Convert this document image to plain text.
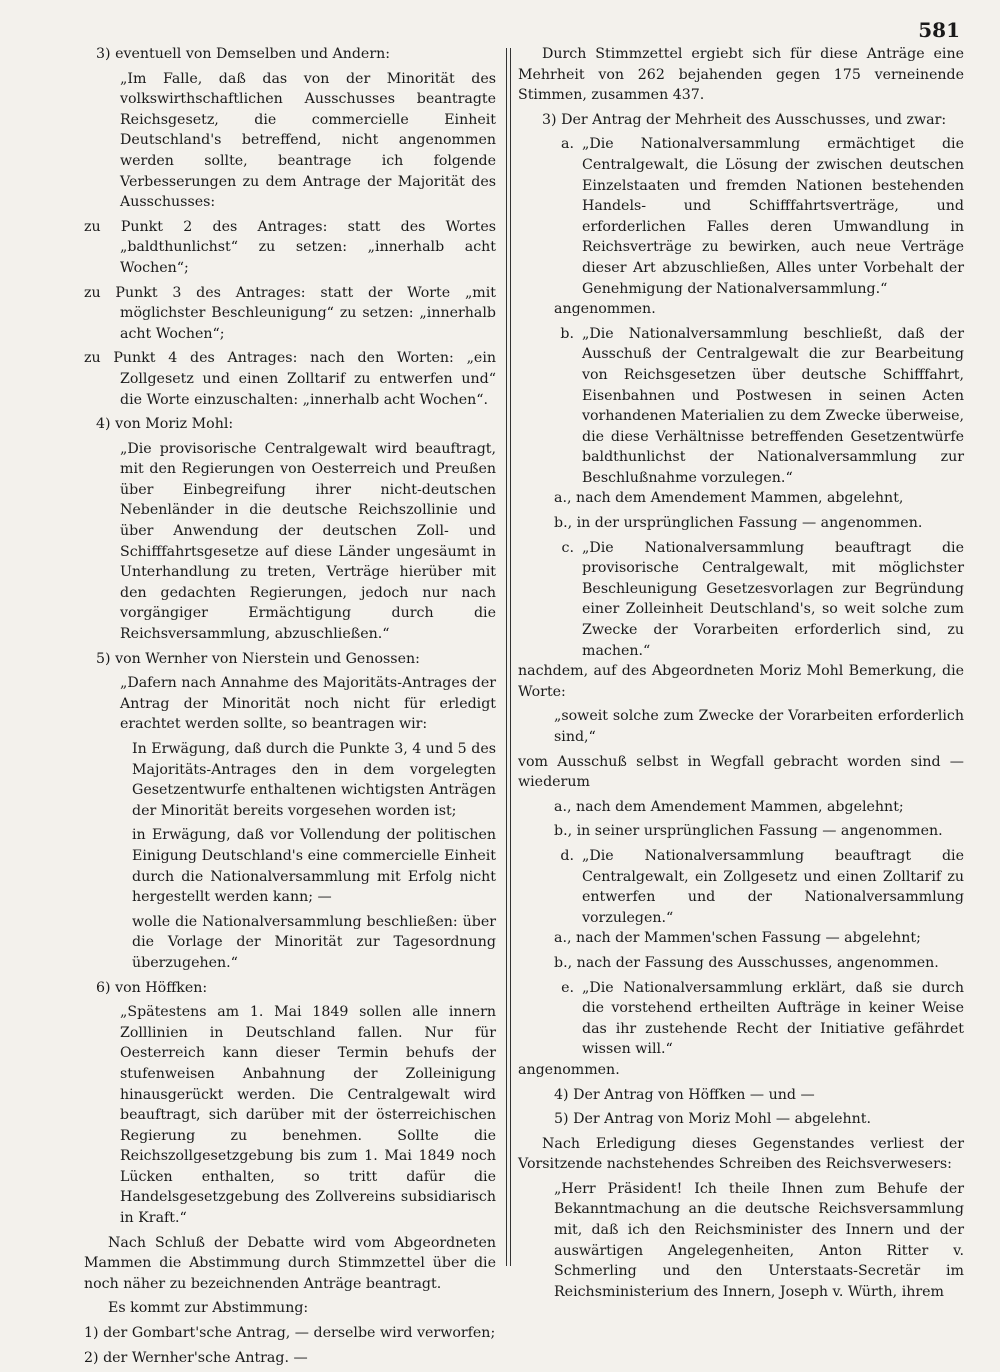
581

3) eventuell von Demselben und Andern:

„Im Falle, daß das von der Minorität des volkswirthschaftlichen Ausschusses beantragte Reichsgesetz, die commercielle Einheit Deutschland's betreffend, nicht angenommen werden sollte, beantrage ich folgende Verbesserungen zu dem Antrage der Majorität des Ausschusses:

zu Punkt 2 des Antrages: statt des Wortes „baldthunlichst“ zu setzen: „innerhalb acht Wochen“;

zu Punkt 3 des Antrages: statt der Worte „mit möglichster Beschleunigung“ zu setzen: „innerhalb acht Wochen“;

zu Punkt 4 des Antrages: nach den Worten: „ein Zollgesetz und einen Zolltarif zu entwerfen und“ die Worte einzuschalten: „innerhalb acht Wochen“.

4) von Moriz Mohl:

„Die provisorische Centralgewalt wird beauftragt, mit den Regierungen von Oesterreich und Preußen über Einbegreifung ihrer nicht-deutschen Nebenländer in die deutsche Reichszollinie und über Anwendung der deutschen Zoll- und Schifffahrtsgesetze auf diese Länder ungesäumt in Unterhandlung zu treten, Verträge hierüber mit den gedachten Regierungen, jedoch nur nach vorgängiger Ermächtigung durch die Reichsversammlung, abzuschließen.“

5) von Wernher von Nierstein und Genossen:

„Dafern nach Annahme des Majoritäts-Antrages der Antrag der Minorität noch nicht für erledigt erachtet werden sollte, so beantragen wir:

In Erwägung, daß durch die Punkte 3, 4 und 5 des Majoritäts-Antrages den in dem vorgelegten Gesetzentwurfe enthaltenen wichtigsten Anträgen der Minorität bereits vorgesehen worden ist;

in Erwägung, daß vor Vollendung der politischen Einigung Deutschland's eine commercielle Einheit durch die Nationalversammlung mit Erfolg nicht hergestellt werden kann; —

wolle die Nationalversammlung beschließen: über die Vorlage der Minorität zur Tagesordnung überzugehen.“

6) von Höffken:

„Spätestens am 1. Mai 1849 sollen alle innern Zolllinien in Deutschland fallen. Nur für Oesterreich kann dieser Termin behufs der stufenweisen Anbahnung der Zolleinigung hinausgerückt werden. Die Centralgewalt wird beauftragt, sich darüber mit der österreichischen Regierung zu benehmen. Sollte die Reichszollgesetzgebung bis zum 1. Mai 1849 noch Lücken enthalten, so tritt dafür die Handelsgesetzgebung des Zollvereins subsidiarisch in Kraft.“

Nach Schluß der Debatte wird vom Abgeordneten Mammen die Abstimmung durch Stimmzettel über die noch näher zu bezeichnenden Anträge beantragt.

Es kommt zur Abstimmung:

1) der Gombart'sche Antrag, — derselbe wird verworfen;

2) der Wernher'sche Antrag. —

Durch Stimmzettel ergiebt sich für diese Anträge eine Mehrheit von 262 bejahenden gegen 175 verneinende Stimmen, zusammen 437.

3) Der Antrag der Mehrheit des Ausschusses, und zwar:

a. „Die Nationalversammlung ermächtiget die Centralgewalt, die Lösung der zwischen deutschen Einzelstaaten und fremden Nationen bestehenden Handels- und Schifffahrtsverträge, und erforderlichen Falles deren Umwandlung in Reichsverträge zu bewirken, auch neue Verträge dieser Art abzuschließen, Alles unter Vorbehalt der Genehmigung der Nationalversammlung.“

angenommen.

b. „Die Nationalversammlung beschließt, daß der Ausschuß der Centralgewalt die zur Bearbeitung von Reichsgesetzen über deutsche Schifffahrt, Eisenbahnen und Postwesen in seinen Acten vorhandenen Materialien zu dem Zwecke überweise, die diese Verhältnisse betreffenden Gesetzentwürfe baldthunlichst der Nationalversammlung zur Beschlußnahme vorzulegen.“

a., nach dem Amendement Mammen, abgelehnt,

b., in der ursprünglichen Fassung — angenommen.

c. „Die Nationalversammlung beauftragt die provisorische Centralgewalt, mit möglichster Beschleunigung Gesetzesvorlagen zur Begründung einer Zolleinheit Deutschland's, so weit solche zum Zwecke der Vorarbeiten erforderlich sind, zu machen.“

nachdem, auf des Abgeordneten Moriz Mohl Bemerkung, die Worte:

„soweit solche zum Zwecke der Vorarbeiten erforderlich sind,“

vom Ausschuß selbst in Wegfall gebracht worden sind — wiederum

a., nach dem Amendement Mammen, abgelehnt;

b., in seiner ursprünglichen Fassung — angenommen.

d. „Die Nationalversammlung beauftragt die Centralgewalt, ein Zollgesetz und einen Zolltarif zu entwerfen und der Nationalversammlung vorzulegen.“

a., nach der Mammen'schen Fassung — abgelehnt;

b., nach der Fassung des Ausschusses, angenommen.

e. „Die Nationalversammlung erklärt, daß sie durch die vorstehend ertheilten Aufträge in keiner Weise das ihr zustehende Recht der Initiative gefährdet wissen will.“

angenommen.

4) Der Antrag von Höffken — und —

5) Der Antrag von Moriz Mohl — abgelehnt.

Nach Erledigung dieses Gegenstandes verliest der Vorsitzende nachstehendes Schreiben des Reichsverwesers:

„Herr Präsident! Ich theile Ihnen zum Behufe der Bekanntmachung an die deutsche Reichsversammlung mit, daß ich den Reichsminister des Innern und der auswärtigen Angelegenheiten, Anton Ritter v. Schmerling und den Unterstaats-Secretär im Reichsministerium des Innern, Joseph v. Würth, ihrem
